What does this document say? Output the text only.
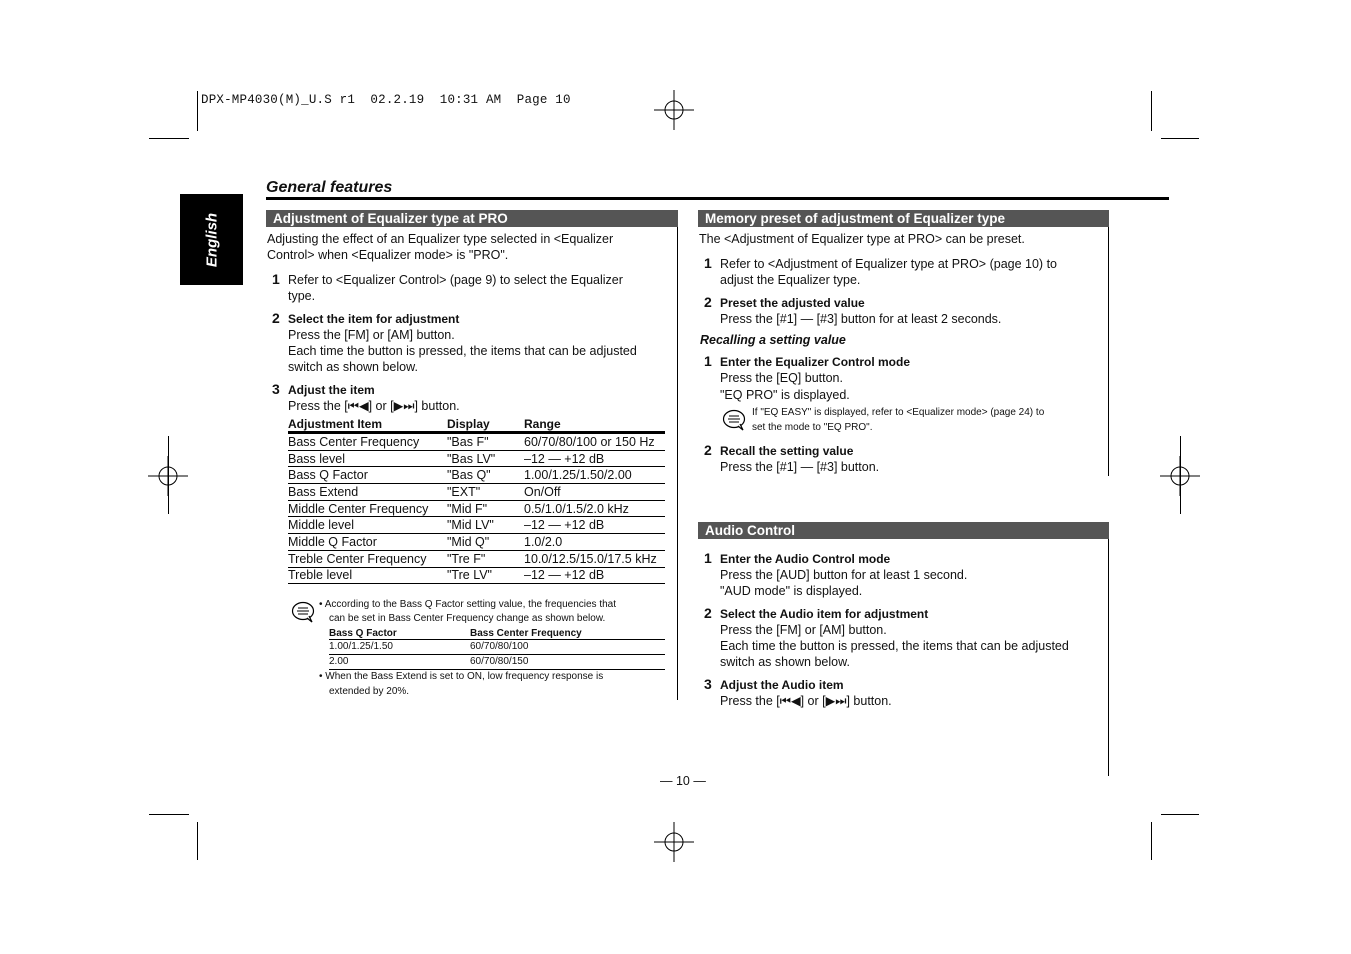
DPX-MP4030(M)_U.S r1  02.2.19  10:31 AM  Page 10
English
General features
Adjustment of Equalizer type at PRO
Adjusting the effect of an Equalizer type selected in <Equalizer
Control> when <Equalizer mode> is "PRO".
1 Refer to <Equalizer Control> (page 9) to select the Equalizer
type.
2 Select the item for adjustment
Press the [FM] or [AM] button.
Each time the button is pressed, the items that can be adjusted
switch as shown below.
3 Adjust the item
Press the [⏮◀] or [▶⏭] button.
Adjustment Item	Display	Range
Bass Center Frequency	"Bas F"	60/70/80/100 or 150 Hz
Bass level	"Bas LV"	–12 — +12 dB
Bass Q Factor	"Bas Q"	1.00/1.25/1.50/2.00
Bass Extend	"EXT"	On/Off
Middle Center Frequency	"Mid F"	0.5/1.0/1.5/2.0 kHz
Middle level	"Mid LV"	–12 — +12 dB
Middle Q Factor	"Mid Q"	1.0/2.0
Treble Center Frequency	"Tre F"	10.0/12.5/15.0/17.5 kHz
Treble level	"Tre LV"	–12 — +12 dB
• According to the Bass Q Factor setting value, the frequencies that
can be set in Bass Center Frequency change as shown below.
Bass Q Factor	Bass Center Frequency
1.00/1.25/1.50	60/70/80/100
2.00	60/70/80/150
• When the Bass Extend is set to ON, low frequency response is
extended by 20%.
Memory preset of adjustment of Equalizer type
The <Adjustment of Equalizer type at PRO> can be preset.
1 Refer to <Adjustment of Equalizer type at PRO> (page 10) to
adjust the Equalizer type.
2 Preset the adjusted value
Press the [#1] — [#3] button for at least 2 seconds.
Recalling a setting value
1 Enter the Equalizer Control mode
Press the [EQ] button.
"EQ PRO" is displayed.
If "EQ EASY" is displayed, refer to <Equalizer mode> (page 24) to
set the mode to "EQ PRO".
2 Recall the setting value
Press the [#1] — [#3] button.
Audio Control
1 Enter the Audio Control mode
Press the [AUD] button for at least 1 second.
"AUD mode" is displayed.
2 Select the Audio item for adjustment
Press the [FM] or [AM] button.
Each time the button is pressed, the items that can be adjusted
switch as shown below.
3 Adjust the Audio item
Press the [⏮◀] or [▶⏭] button.
— 10 —
